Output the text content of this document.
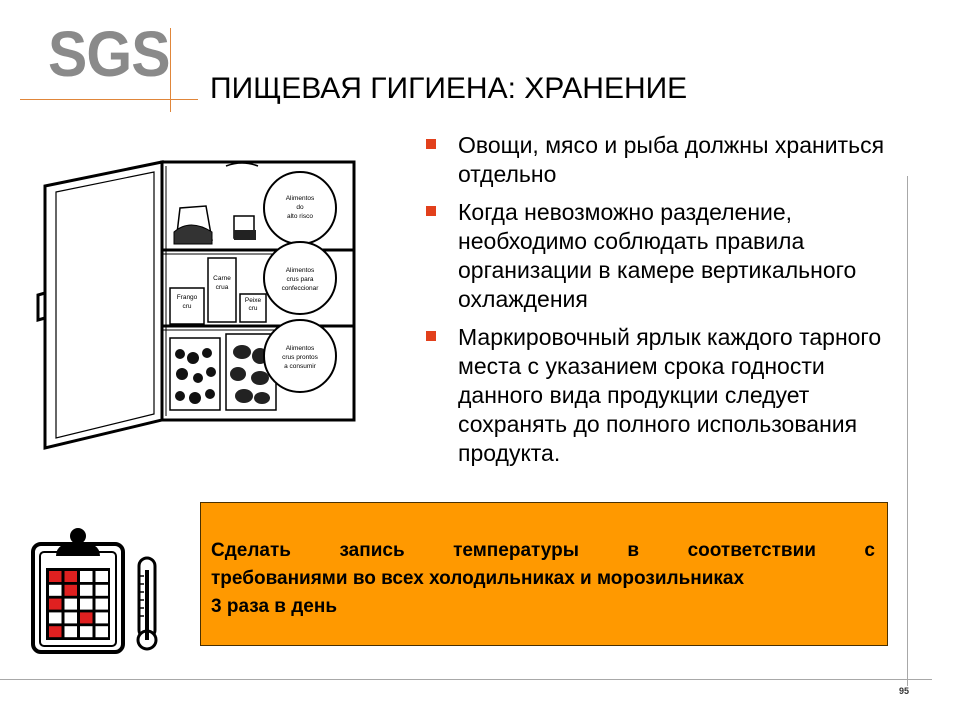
SGS ПИЩЕВАЯ ГИГИЕНА: ХРАНЕНИЕ
Frango
cru
Carne
crua
Peixe
cru
Alimentos
do
alto risco
Alimentos
crus para
confeccionar
Alimentos
crus prontos
a consumir
Овощи, мясо и рыба должны храниться отдельно
Когда невозможно разделение, необходимо соблюдать правила организации в камере вертикального охлаждения
Маркировочный ярлык каждого тарного места с указанием срока годности данного вида продукции следует сохранять до полного использования продукта.
95
Сделать запись температуры в соответствии с
требованиями во всех холодильниках и морозильниках
3 раза в день
